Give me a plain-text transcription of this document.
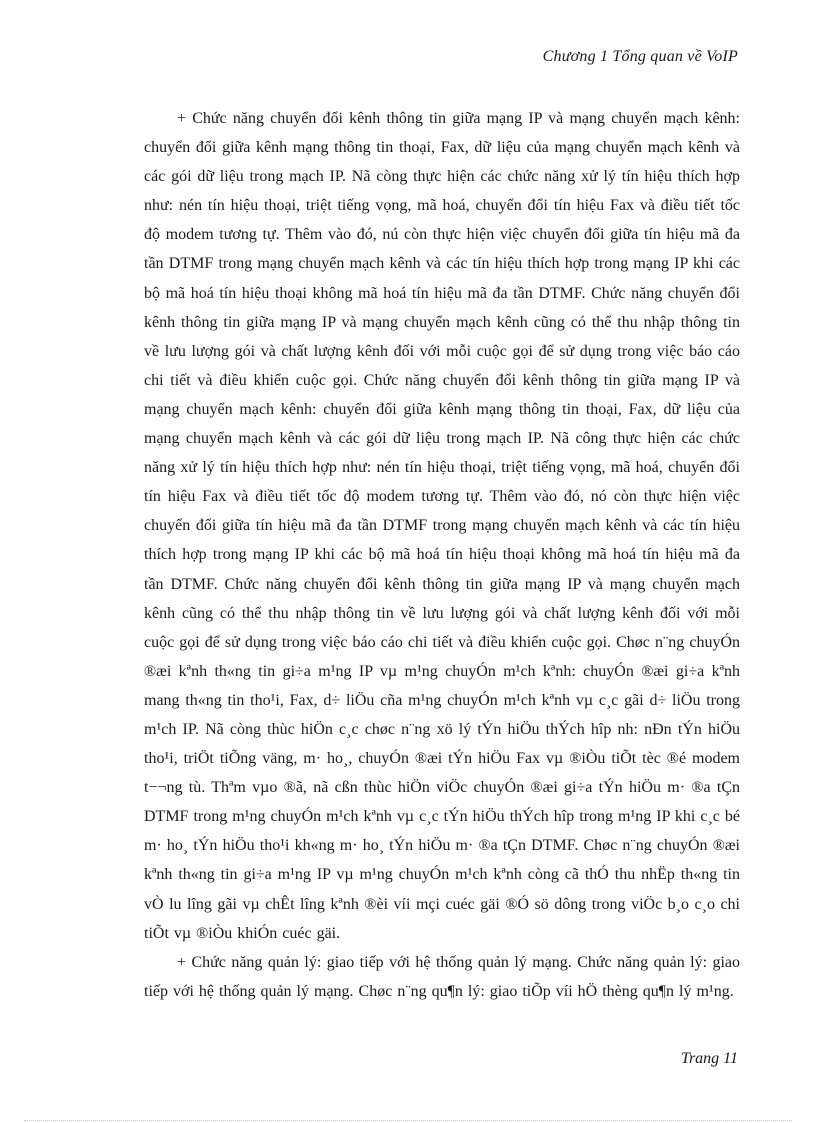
Chương 1 Tổng quan về VoIP

+ Chức năng chuyển đổi kênh thông tin giữa mạng IP và mạng chuyển mạch kênh: chuyển đổi giữa kênh mạng thông tin thoại, Fax, dữ liệu của mạng chuyển mạch kênh và các gói dữ liệu trong mạch IP. Nã còng thực hiện các chức năng xử lý tín hiệu thích hợp như: nén tín hiệu thoại, triệt tiếng vọng, mã hoá, chuyển đổi tín hiệu Fax và điều tiết tốc độ modem tương tự. Thêm vào đó, nú còn thực hiện việc chuyển đổi giữa tín hiệu mã đa tần DTMF trong mạng chuyển mạch kênh và các tín hiệu thích hợp trong mạng IP khi các bộ mã hoá tín hiệu thoại không mã hoá tín hiệu mã đa tần DTMF. Chức năng chuyển đổi kênh thông tin giữa mạng IP và mạng chuyển mạch kênh cũng có thể thu nhập thông tin về lưu lượng gói và chất lượng kênh đối với mỗi cuộc gọi để sử dụng trong việc báo cáo chi tiết và điều khiển cuộc gọi. Chức năng chuyển đổi kênh thông tin giữa mạng IP và mạng chuyển mạch kênh: chuyển đổi giữa kênh mạng thông tin thoại, Fax, dữ liệu của mạng chuyển mạch kênh và các gói dữ liệu trong mạch IP. Nã công thực hiện các chức năng xử lý tín hiệu thích hợp như: nén tín hiệu thoại, triệt tiếng vọng, mã hoá, chuyển đổi tín hiệu Fax và điều tiết tốc độ modem tương tự. Thêm vào đó, nó còn thực hiện việc chuyển đổi giữa tín hiệu mã đa tần DTMF trong mạng chuyển mạch kênh và các tín hiệu thích hợp trong mạng IP khi các bộ mã hoá tín hiệu thoại không mã hoá tín hiệu mã đa tần DTMF. Chức năng chuyển đổi kênh thông tin giữa mạng IP và mạng chuyển mạch kênh cũng có thể thu nhập thông tin về lưu lượng gói và chất lượng kênh đối với mỗi cuộc gọi để sử dụng trong việc báo cáo chi tiết và điều khiển cuộc gọi. Chøc n¨ng chuyÓn ®æi kªnh th«ng tin gi÷a m¹ng IP vµ m¹ng chuyÓn m¹ch kªnh: chuyÓn ®æi gi÷a kªnh mang th«ng tin tho¹i, Fax, d÷ liÖu cña m¹ng chuyÓn m¹ch kªnh vµ c¸c gãi d÷ liÖu trong m¹ch IP. Nã còng thùc hiÖn c¸c chøc n¨ng xö lý tÝn hiÖu thÝch hîp nh: nÐn tÝn hiÖu tho¹i, triÖt tiÕng väng, m· ho¸, chuyÓn ®æi tÝn hiÖu Fax vµ ®iÒu tiÕt tèc ®é modem t−¬ng tù. Thªm vµo ®ã, nã cßn thùc hiÖn viÖc chuyÓn ®æi gi÷a tÝn hiÖu m· ®a tÇn DTMF trong m¹ng chuyÓn m¹ch kªnh vµ c¸c tÝn hiÖu thÝch hîp trong m¹ng IP khi c¸c bé m· ho¸ tÝn hiÖu tho¹i kh«ng m· ho¸ tÝn hiÖu m· ®a tÇn DTMF. Chøc n¨ng chuyÓn ®æi kªnh th«ng tin gi÷a m¹ng IP vµ m¹ng chuyÓn m¹ch kªnh còng cã thÓ thu nhËp th«ng tin vÒ lu lîng gãi vµ chÊt lîng kªnh ®èi víi mçi cuéc gäi ®Ó sö dông trong viÖc b¸o c¸o chi tiÕt vµ ®iÒu khiÓn cuéc gäi.

+ Chức năng quản lý: giao tiếp với hệ thống quản lý mạng. Chức năng quản lý: giao tiếp với hệ thống quản lý mạng. Chøc n¨ng qu¶n lý: giao tiÕp víi hÖ thèng qu¶n lý m¹ng.

Trang 11
